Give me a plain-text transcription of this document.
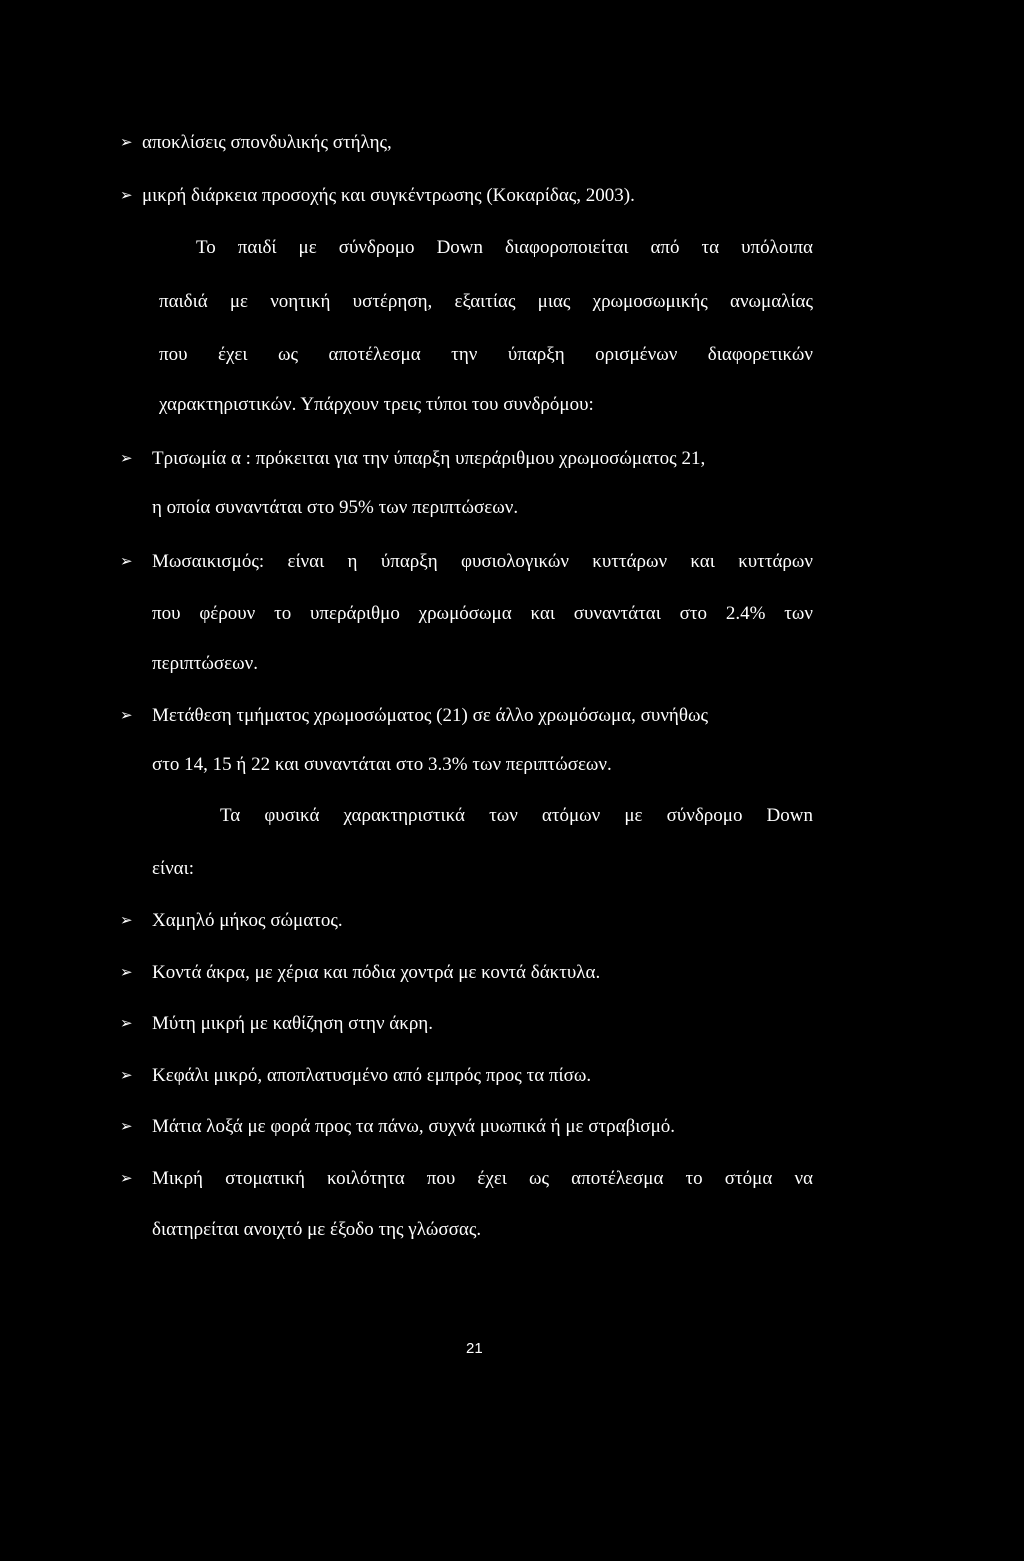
➢ αποκλίσεις σπονδυλικής στήλης,
➢ μικρή διάρκεια προσοχής και συγκέντρωσης (Κοκαρίδας, 2003).
Το παιδί με σύνδρομο Down διαφοροποιείται από τα υπόλοιπα
παιδιά με νοητική υστέρηση, εξαιτίας μιας χρωμοσωμικής ανωμαλίας
που έχει ως αποτέλεσμα την ύπαρξη ορισμένων διαφορετικών
χαρακτηριστικών. Υπάρχουν τρεις τύποι του συνδρόμου:
➢ Τρισωμία α : πρόκειται για την ύπαρξη υπεράριθμου χρωμοσώματος 21,
η οποία συναντάται στο 95% των περιπτώσεων.
➢ Μωσαικισμός: είναι η ύπαρξη φυσιολογικών κυττάρων και κυττάρων
που φέρουν το υπεράριθμο χρωμόσωμα και συναντάται στο 2.4% των
περιπτώσεων.
➢ Μετάθεση τμήματος χρωμοσώματος (21) σε άλλο χρωμόσωμα, συνήθως
στο 14, 15 ή 22 και συναντάται στο 3.3% των περιπτώσεων.
Τα φυσικά χαρακτηριστικά των ατόμων με σύνδρομο Down
είναι:
➢ Χαμηλό μήκος σώματος.
➢ Κοντά άκρα, με χέρια και πόδια χοντρά με κοντά δάκτυλα.
➢ Μύτη μικρή με καθίζηση στην άκρη.
➢ Κεφάλι μικρό, αποπλατυσμένο από εμπρός προς τα πίσω.
➢ Μάτια λοξά με φορά προς τα πάνω, συχνά μυωπικά ή με στραβισμό.
➢ Μικρή στοματική κοιλότητα που έχει ως αποτέλεσμα το στόμα να
διατηρείται ανοιχτό με έξοδο της γλώσσας.
21
